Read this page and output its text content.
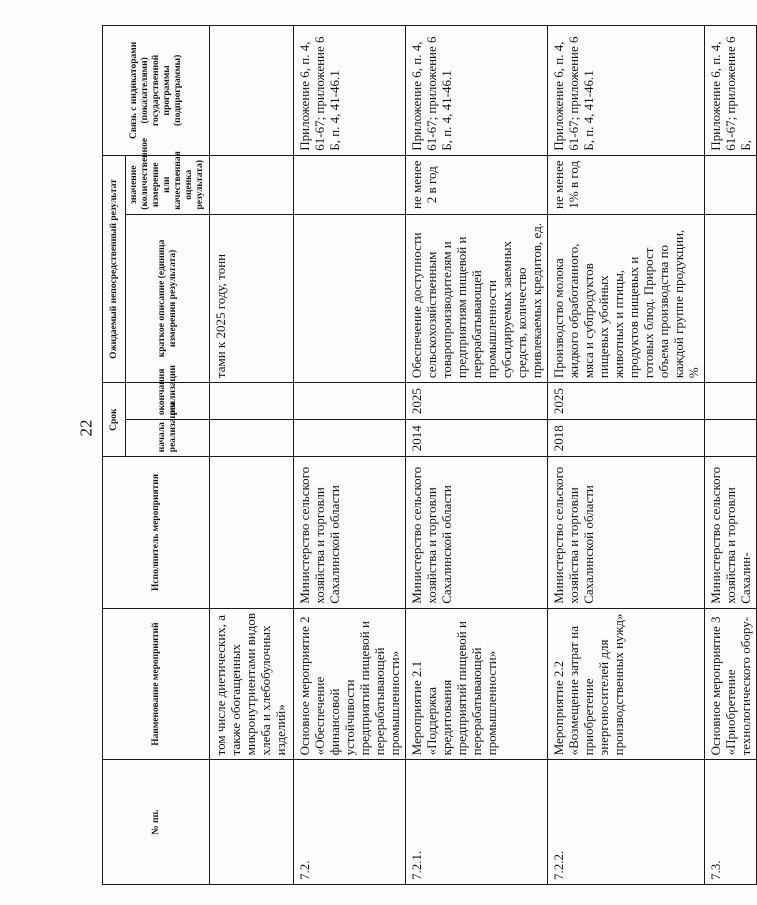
22
№ пп.	Наименование мероприятий	Исполнитель мероприятия	Срок		Ожидаемый непосредственный результат		Связь с индикаторами (показателями) государственной программы (подпрограммы)
			начала реализации	окончания реализации	краткое описание (единица измерения результата)	значение (количественное измерение или качественная оценка результата)	
	том числе диетических, а также обогащенных микронутриентами видов хлеба и хлебобулочных изделий»				тами к 2025 году, тонн		
7.2.	Основное мероприятие 2 «Обеспечение финансовой устойчивости предприятий пищевой и перерабатывающей промышленности»	Министерство сельского хозяйства и торговли Сахалинской области					Приложение 6, п. 4, 61-67; приложение 6 Б, п. 4, 41-46.1
7.2.1.	Мероприятие 2.1 «Поддержка кредитования предприятий пищевой и перерабатывающей промышленности»	Министерство сельского хозяйства и торговли Сахалинской области	2014	2025	Обеспечение доступности сельскохозяйственным товаропроизводителям и предприятиям пищевой и перерабатывающей промышленности субсидируемых заемных средств, количество привлекаемых кредитов, ед.	не менее 2 в год	Приложение 6, п. 4, 61-67; приложение 6 Б, п. 4, 41-46.1
7.2.2.	Мероприятие 2.2 «Возмещение затрат на приобретение энергоносителей для производственных нужд»	Министерство сельского хозяйства и торговли Сахалинской области	2018	2025	Производство молока жидкого обработанного, мяса и субпродуктов пищевых убойных животных и птицы, продуктов пищевых и готовых блюд. Прирост объема производства по каждой группе продукции, %	не менее 1% в год	Приложение 6, п. 4, 61-67; приложение 6 Б, п. 4, 41-46.1
7.3.	Основное мероприятие 3 «Приобретение технологического обору-	Министерство сельского хозяйства и торговли Сахалин-					Приложение 6, п. 4, 61-67; приложение 6 Б,
